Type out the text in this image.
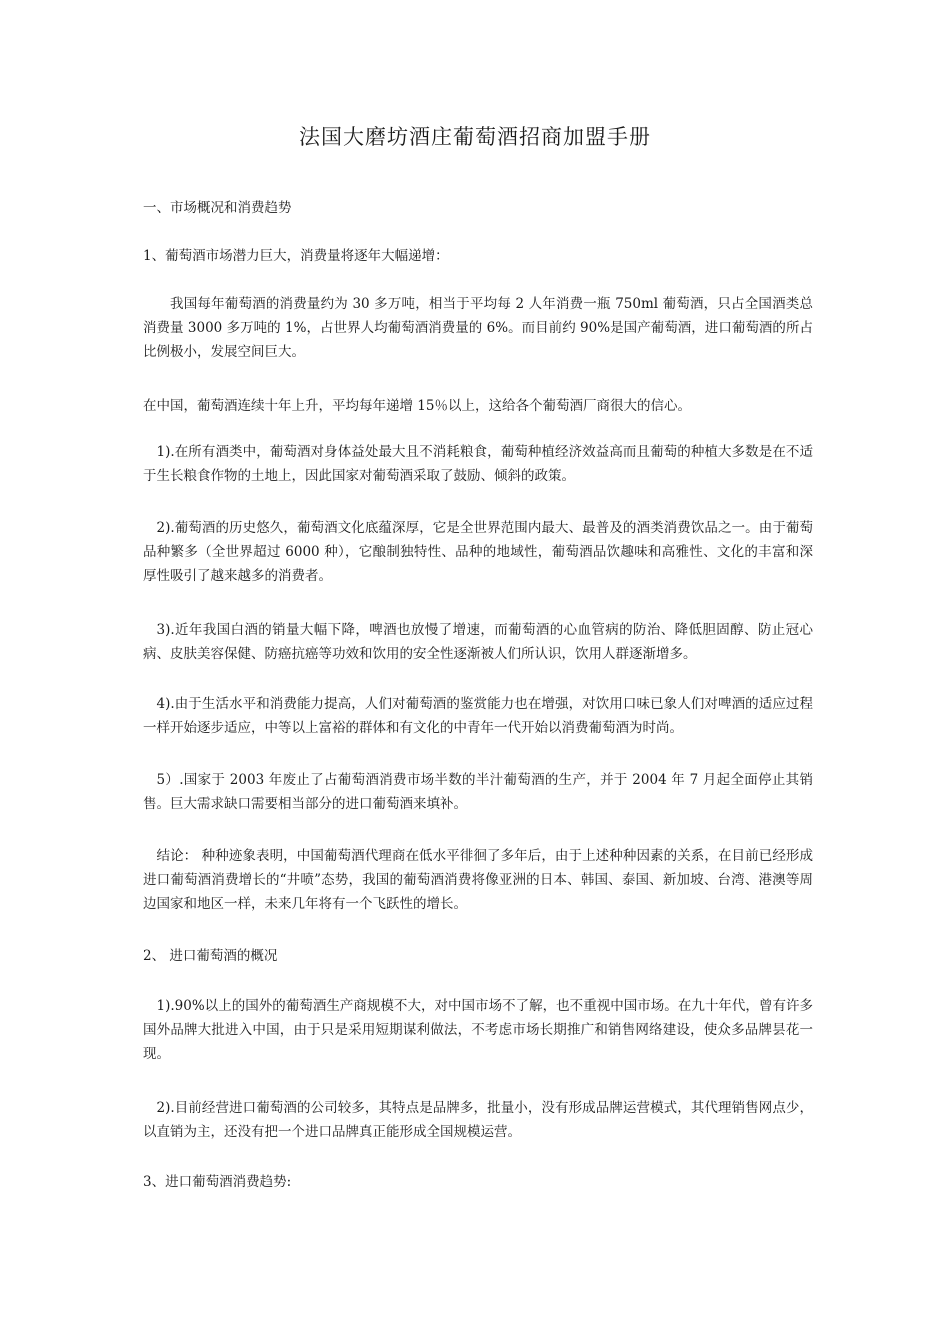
法国大磨坊酒庄葡萄酒招商加盟手册
一、市场概况和消费趋势
1、葡萄酒市场潜力巨大，消费量将逐年大幅递增：
我国每年葡萄酒的消费量约为 30 多万吨，相当于平均每 2 人年消费一瓶 750ml 葡萄酒，只占全国酒类总消费量 3000 多万吨的 1%，占世界人均葡萄酒消费量的 6%。而目前约 90%是国产葡萄酒，进口葡萄酒的所占比例极小，发展空间巨大。
在中国，葡萄酒连续十年上升，平均每年递增 15％以上，这给各个葡萄酒厂商很大的信心。
1).在所有酒类中，葡萄酒对身体益处最大且不消耗粮食，葡萄种植经济效益高而且葡萄的种植大多数是在不适于生长粮食作物的土地上，因此国家对葡萄酒采取了鼓励、倾斜的政策。
2).葡萄酒的历史悠久，葡萄酒文化底蕴深厚，它是全世界范围内最大、最普及的酒类消费饮品之一。由于葡萄品种繁多（全世界超过 6000 种），它酿制独特性、品种的地域性，葡萄酒品饮趣味和高雅性、文化的丰富和深厚性吸引了越来越多的消费者。
3).近年我国白酒的销量大幅下降，啤酒也放慢了增速，而葡萄酒的心血管病的防治、降低胆固醇、防止冠心病、皮肤美容保健、防癌抗癌等功效和饮用的安全性逐渐被人们所认识，饮用人群逐渐增多。
4).由于生活水平和消费能力提高，人们对葡萄酒的鉴赏能力也在增强，对饮用口味已象人们对啤酒的适应过程一样开始逐步适应，中等以上富裕的群体和有文化的中青年一代开始以消费葡萄酒为时尚。
5）.国家于 2003 年废止了占葡萄酒消费市场半数的半汁葡萄酒的生产，并于 2004 年 7 月起全面停止其销售。巨大需求缺口需要相当部分的进口葡萄酒来填补。
结论： 种种迹象表明，中国葡萄酒代理商在低水平徘徊了多年后，由于上述种种因素的关系，在目前已经形成进口葡萄酒消费增长的“井喷”态势，我国的葡萄酒消费将像亚洲的日本、韩国、泰国、新加坡、台湾、港澳等周边国家和地区一样，未来几年将有一个飞跃性的增长。
2、 进口葡萄酒的概况
1).90%以上的国外的葡萄酒生产商规模不大，对中国市场不了解，也不重视中国市场。在九十年代，曾有许多国外品牌大批进入中国，由于只是采用短期谋利做法，不考虑市场长期推广和销售网络建设，使众多品牌昙花一现。
2).目前经营进口葡萄酒的公司较多，其特点是品牌多，批量小，没有形成品牌运营模式，其代理销售网点少，以直销为主，还没有把一个进口品牌真正能形成全国规模运营。
3、进口葡萄酒消费趋势:
